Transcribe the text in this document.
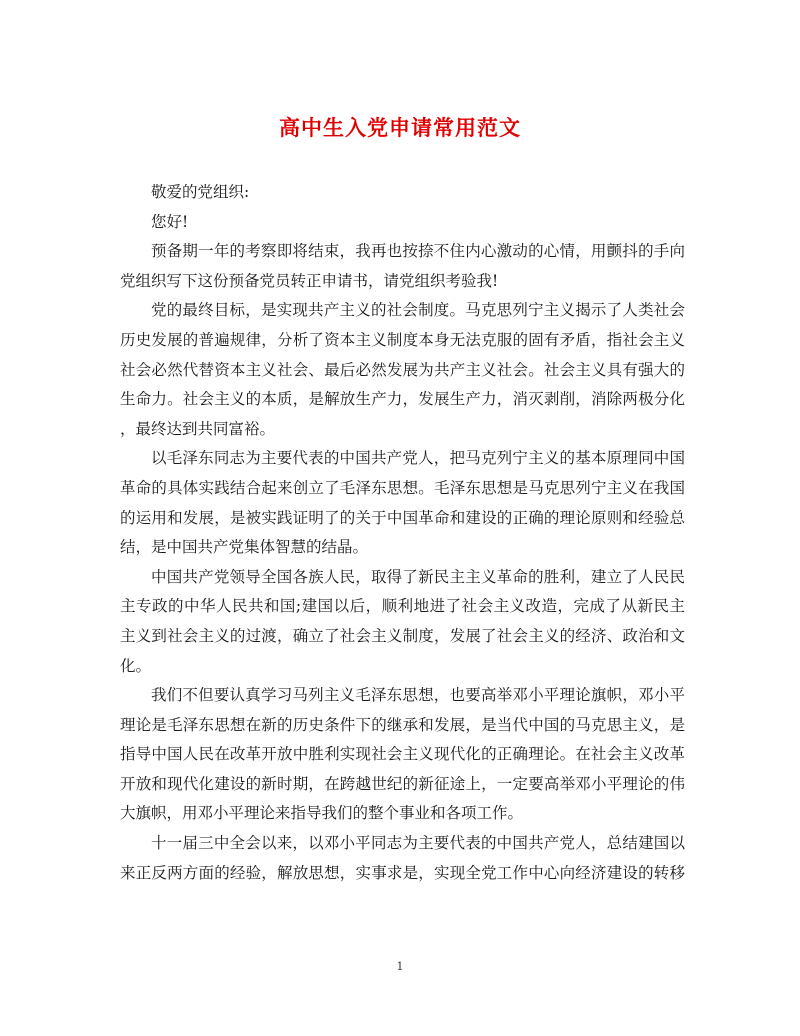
高中生入党申请常用范文
敬爱的党组织:
您好!
预备期一年的考察即将结束，我再也按捺不住内心激动的心情，用颤抖的手向
党组织写下这份预备党员转正申请书，请党组织考验我!
党的最终目标，是实现共产主义的社会制度。马克思列宁主义揭示了人类社会
历史发展的普遍规律，分析了资本主义制度本身无法克服的固有矛盾，指社会主义
社会必然代替资本主义社会、最后必然发展为共产主义社会。社会主义具有强大的
生命力。社会主义的本质，是解放生产力，发展生产力，消灭剥削，消除两极分化
，最终达到共同富裕。
以毛泽东同志为主要代表的中国共产党人，把马克列宁主义的基本原理同中国
革命的具体实践结合起来创立了毛泽东思想。毛泽东思想是马克思列宁主义在我国
的运用和发展，是被实践证明了的关于中国革命和建设的正确的理论原则和经验总
结，是中国共产党集体智慧的结晶。
中国共产党领导全国各族人民，取得了新民主主义革命的胜利，建立了人民民
主专政的中华人民共和国;建国以后，顺利地进了社会主义改造，完成了从新民主
主义到社会主义的过渡，确立了社会主义制度，发展了社会主义的经济、政治和文
化。
我们不但要认真学习马列主义毛泽东思想，也要高举邓小平理论旗帜，邓小平
理论是毛泽东思想在新的历史条件下的继承和发展，是当代中国的马克思主义，是
指导中国人民在改革开放中胜利实现社会主义现代化的正确理论。在社会主义改革
开放和现代化建设的新时期，在跨越世纪的新征途上，一定要高举邓小平理论的伟
大旗帜，用邓小平理论来指导我们的整个事业和各项工作。
十一届三中全会以来，以邓小平同志为主要代表的中国共产党人，总结建国以
来正反两方面的经验，解放思想，实事求是，实现全党工作中心向经济建设的转移
1
